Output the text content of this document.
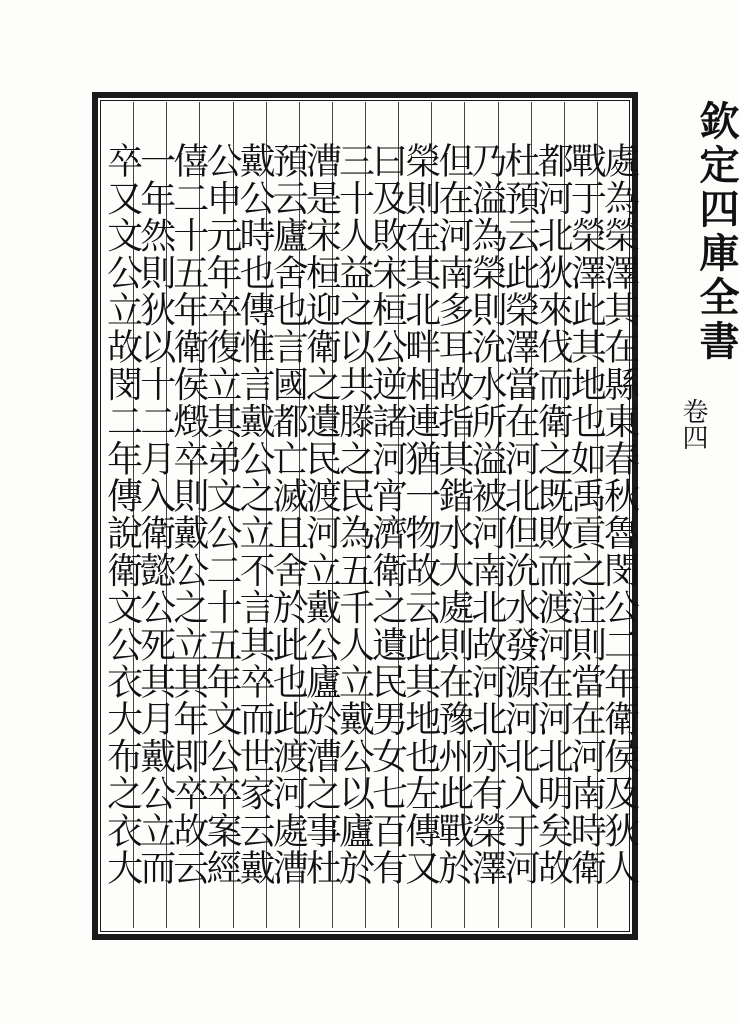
欽定四庫全書
卷四
處為榮澤其在縣東春秋魯閔公二年衛侯及狄人
戰于榮澤此其地也如禹貢之注則當在河南時衛
都河北狄來伐而衛之既敗而渡河在河北明矣故
杜預云此榮澤當在河北但沇水發源河北入于河
乃溢為榮則沇水所溢被河南北故河北亦有榮澤
但在河南多耳故指其鍇水大處則在豫州此戰於
榮則在其北畔相連猶一物故云此其地也左傳又
曰及敗宋桓公逆諸河宵濟衛之遺民男女七百有
三十人益之以共滕之民為五千人立戴公以廬於
漕是宋桓迎衛之遺民渡河立戴公廬於漕之事杜
預云廬舍也言國都亡滅且舍於此也此渡河處漕
戴公時也傳惟言戴公之立不言其卒而世家云戴
公申元年卒復立其弟文公二十五年文公卒案經
僖二十五年衛侯燬卒則戴公之立其年即卒故云
一年然則狄以十二月入衛懿公死其月戴公立而
卒又文公立故閔二年傳說衛文公衣大布之衣大
